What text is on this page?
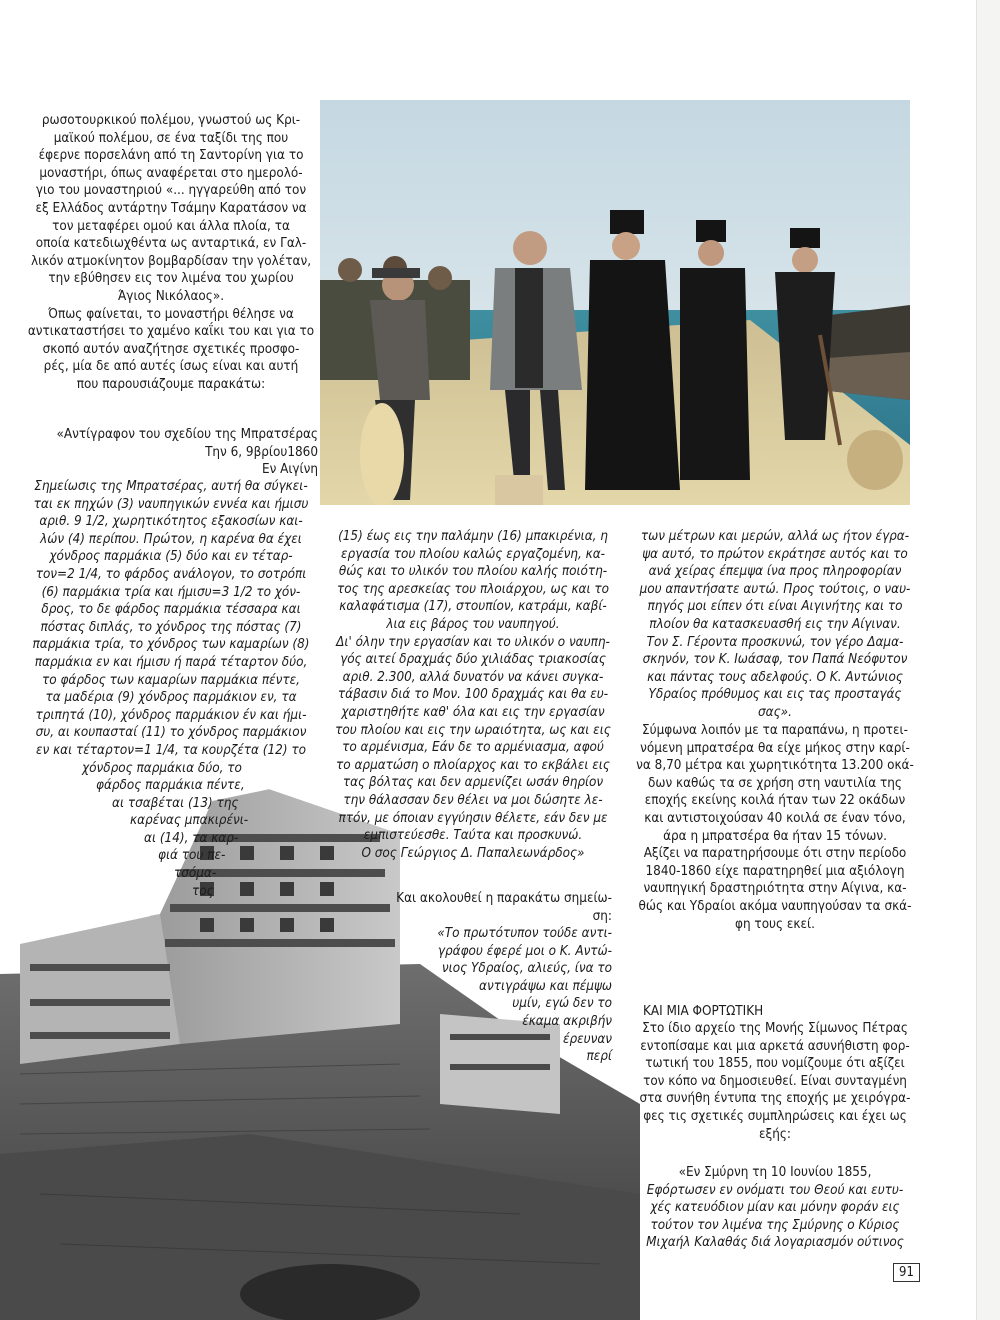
ρωσοτουρκικού πολέμου, γνωστού ως Κρι-

μαϊκού πολέμου, σε ένα ταξίδι της που

έφερνε πορσελάνη από τη Σαντορίνη για το

μοναστήρι, όπως αναφέρεται στο ημερολό-

γιο του μοναστηριού «... ηγγαρεύθη από τον

εξ Ελλάδος αντάρτην Τσάμην Καρατάσον να

τον μεταφέρει ομού και άλλα πλοία, τα

οποία κατεδιωχθέντα ως ανταρτικά, εν Γαλ-

λικόν ατμοκίνητον βομβαρδίσαν την γολέταν,

την εβύθησεν εις τον λιμένα του χωρίου

Άγιος Νικόλαος».

Όπως φαίνεται, το μοναστήρι θέλησε να

αντικαταστήσει το χαμένο καΐκι του και για το

σκοπό αυτόν αναζήτησε σχετικές προσφο-

ρές, μία δε από αυτές ίσως είναι και αυτή

που παρουσιάζουμε παρακάτω:

«Αντίγραφον του σχεδίου της Μπρατσέρας

Την 6, 9βρίου1860

Εν Αιγίνη

Σημείωσις της Μπρατσέρας, αυτή θα σύγκει-

ται εκ πηχών (3) ναυπηγικών εννέα και ήμισυ

αριθ. 9 1/2, χωρητικότητος εξακοσίων και-

λών (4) περίπου. Πρώτον, η καρένα θα έχει

χόνδρος παρμάκια (5) δύο και εν τέταρ-

τον=2 1/4, το φάρδος ανάλογον, το σοτρόπι

(6) παρμάκια τρία και ήμισυ=3 1/2 το χόν-

δρος, το δε φάρδος παρμάκια τέσσαρα και

πόστας διπλάς, το χόνδρος της πόστας (7)

παρμάκια τρία, το χόνδρος των καμαρίων (8)

παρμάκια εν και ήμισυ ή παρά τέταρτον δύο,

το φάρδος των καμαρίων παρμάκια πέντε,

τα μαδέρια (9) χόνδρος παρμάκιον εν, τα

τριπητά (10), χόνδρος παρμάκιον έν και ήμι-

συ, αι κουπασταί (11) το χόνδρος παρμάκιον

εν και τέταρτον=1 1/4, τα κουρζέτα (12) το

χόνδρος παρμάκια δύο, το

φάρδος παρμάκια πέντε,

αι τσαβέται (13) της

καρένας μπακιρένι-

αι (14), τα καρ-

φιά του πε-

τσόμα-

τος

(15) έως εις την παλάμην (16) μπακιρένια, η

εργασία του πλοίου καλώς εργαζομένη, κα-

θώς και το υλικόν του πλοίου καλής ποιότη-

τος της αρεσκείας του πλοιάρχου, ως και το

καλαφάτισμα (17), στουπίον, κατράμι, καβί-

λια εις βάρος του ναυπηγού.

Δι' όλην την εργασίαν και το υλικόν ο ναυπη-

γός αιτεί δραχμάς δύο χιλιάδας τριακοσίας

αριθ. 2.300, αλλά δυνατόν να κάνει συγκα-

τάβασιν διά το Μον. 100 δραχμάς και θα ευ-

χαριστηθήτε καθ' όλα και εις την εργασίαν

του πλοίου και εις την ωραιότητα, ως και εις

το αρμένισμα, Εάν δε το αρμένιασμα, αφού

το αρματώση ο πλοίαρχος και το εκβάλει εις

τας βόλτας και δεν αρμενίζει ωσάν θηρίον

την θάλασσαν δεν θέλει να μοι δώσητε λε-

πτόν, με όποιαν εγγύησιν θέλετε, εάν δεν με

εμπιστεύεσθε. Ταύτα και προσκυνώ.

Ο σος Γεώργιος Δ. Παπαλεωνάρδος»

Και ακολουθεί η παρακάτω σημείω-

ση:

«Το πρωτότυπον τούδε αντι-

γράφου έφερέ μοι ο Κ. Αντώ-

νιος Υδραίος, αλιεύς, ίνα το

αντιγράψω και πέμψω

υμίν, εγώ δεν το

έκαμα ακριβήν

έρευναν

περί

των μέτρων και μερών, αλλά ως ήτον έγρα-

ψα αυτό, το πρώτον εκράτησε αυτός και το

ανά χείρας έπεμψα ίνα προς πληροφορίαν

μου απαντήσατε αυτώ. Προς τούτοις, ο ναυ-

πηγός μοι είπεν ότι είναι Αιγινήτης και το

πλοίον θα κατασκευασθή εις την Αίγιναν.

Τον Σ. Γέροντα προσκυνώ, τον γέρο Δαμα-

σκηνόν, τον Κ. Ιωάσαφ, τον Παπά Νεόφυτον

και πάντας τους αδελφούς. Ο Κ. Αντώνιος

Υδραίος πρόθυμος και εις τας προσταγάς

σας».

Σύμφωνα λοιπόν με τα παραπάνω, η προτει-

νόμενη μπρατσέρα θα είχε μήκος στην καρί-

να 8,70 μέτρα και χωρητικότητα 13.200 οκά-

δων καθώς τα σε χρήση στη ναυτιλία της

εποχής εκείνης κοιλά ήταν των 22 οκάδων

και αντιστοιχούσαν 40 κοιλά σε έναν τόνο,

άρα η μπρατσέρα θα ήταν 15 τόνων.

Αξίζει να παρατηρήσουμε ότι στην περίοδο

1840-1860 είχε παρατηρηθεί μια αξιόλογη

ναυπηγική δραστηριότητα στην Αίγινα, κα-

θώς και Υδραίοι ακόμα ναυπηγούσαν τα σκά-

φη τους εκεί.

ΚΑΙ ΜΙΑ ΦΟΡΤΩΤΙΚΗ

Στο ίδιο αρχείο της Μονής Σίμωνος Πέτρας

εντοπίσαμε και μια αρκετά ασυνήθιστη φορ-

τωτική του 1855, που νομίζουμε ότι αξίζει

τον κόπο να δημοσιευθεί. Είναι συνταγμένη

στα συνήθη έντυπα της εποχής με χειρόγρα-

φες τις σχετικές συμπληρώσεις και έχει ως

εξής:

«Εν Σμύρνη τη 10 Ιουνίου 1855,

Εφόρτωσεν εν ονόματι του Θεού και ευτυ-

χές κατευόδιον μίαν και μόνην φοράν εις

τούτον τον λιμένα της Σμύρνης ο Κύριος

Μιχαήλ Καλαθάς διά λογαριασμόν ούτινος

91
